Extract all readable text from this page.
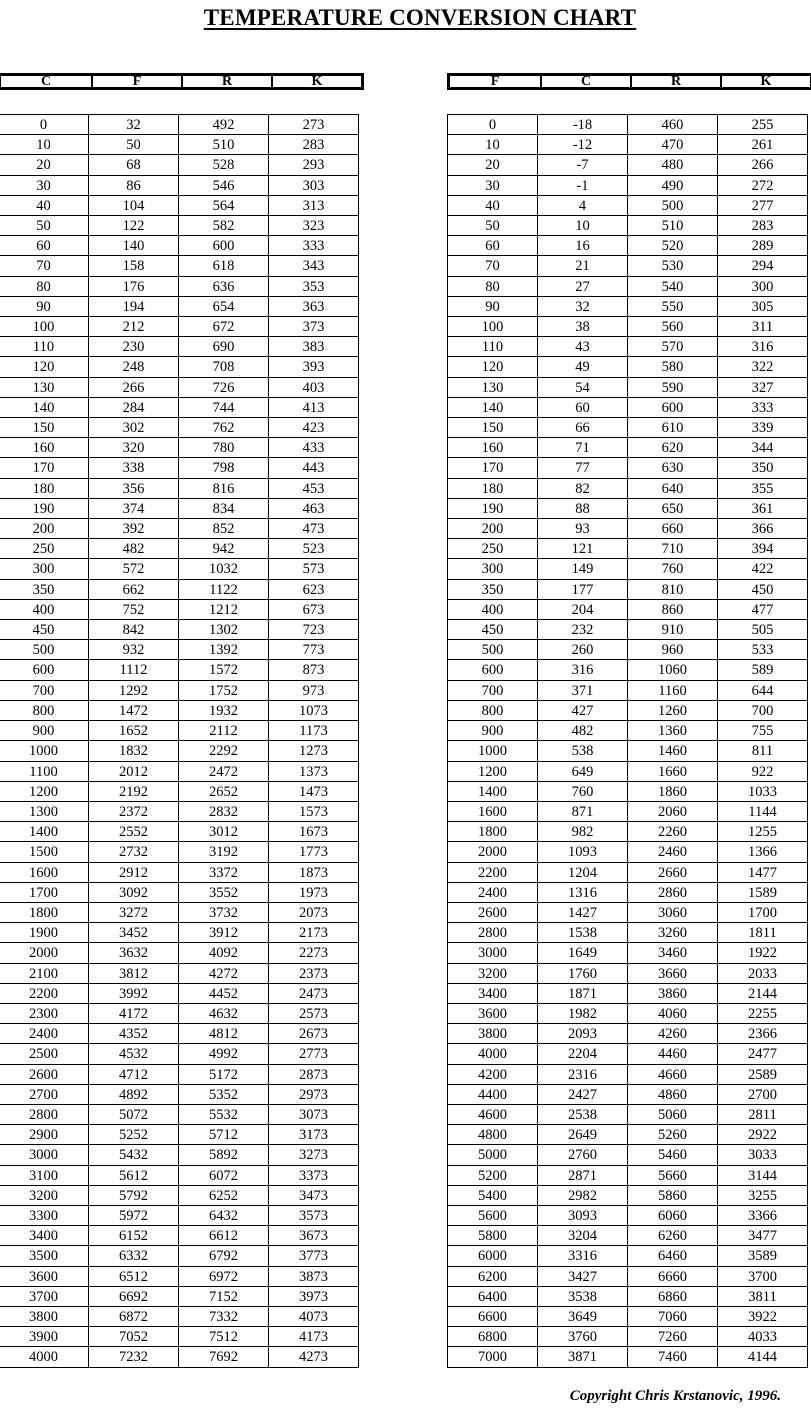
TEMPERATURE CONVERSION CHART
C	F	R	K
0	32	492	273
10	50	510	283
20	68	528	293
30	86	546	303
40	104	564	313
50	122	582	323
60	140	600	333
70	158	618	343
80	176	636	353
90	194	654	363
100	212	672	373
110	230	690	383
120	248	708	393
130	266	726	403
140	284	744	413
150	302	762	423
160	320	780	433
170	338	798	443
180	356	816	453
190	374	834	463
200	392	852	473
250	482	942	523
300	572	1032	573
350	662	1122	623
400	752	1212	673
450	842	1302	723
500	932	1392	773
600	1112	1572	873
700	1292	1752	973
800	1472	1932	1073
900	1652	2112	1173
1000	1832	2292	1273
1100	2012	2472	1373
1200	2192	2652	1473
1300	2372	2832	1573
1400	2552	3012	1673
1500	2732	3192	1773
1600	2912	3372	1873
1700	3092	3552	1973
1800	3272	3732	2073
1900	3452	3912	2173
2000	3632	4092	2273
2100	3812	4272	2373
2200	3992	4452	2473
2300	4172	4632	2573
2400	4352	4812	2673
2500	4532	4992	2773
2600	4712	5172	2873
2700	4892	5352	2973
2800	5072	5532	3073
2900	5252	5712	3173
3000	5432	5892	3273
3100	5612	6072	3373
3200	5792	6252	3473
3300	5972	6432	3573
3400	6152	6612	3673
3500	6332	6792	3773
3600	6512	6972	3873
3700	6692	7152	3973
3800	6872	7332	4073
3900	7052	7512	4173
4000	7232	7692	4273
F	C	R	K
0	-18	460	255
10	-12	470	261
20	-7	480	266
30	-1	490	272
40	4	500	277
50	10	510	283
60	16	520	289
70	21	530	294
80	27	540	300
90	32	550	305
100	38	560	311
110	43	570	316
120	49	580	322
130	54	590	327
140	60	600	333
150	66	610	339
160	71	620	344
170	77	630	350
180	82	640	355
190	88	650	361
200	93	660	366
250	121	710	394
300	149	760	422
350	177	810	450
400	204	860	477
450	232	910	505
500	260	960	533
600	316	1060	589
700	371	1160	644
800	427	1260	700
900	482	1360	755
1000	538	1460	811
1200	649	1660	922
1400	760	1860	1033
1600	871	2060	1144
1800	982	2260	1255
2000	1093	2460	1366
2200	1204	2660	1477
2400	1316	2860	1589
2600	1427	3060	1700
2800	1538	3260	1811
3000	1649	3460	1922
3200	1760	3660	2033
3400	1871	3860	2144
3600	1982	4060	2255
3800	2093	4260	2366
4000	2204	4460	2477
4200	2316	4660	2589
4400	2427	4860	2700
4600	2538	5060	2811
4800	2649	5260	2922
5000	2760	5460	3033
5200	2871	5660	3144
5400	2982	5860	3255
5600	3093	6060	3366
5800	3204	6260	3477
6000	3316	6460	3589
6200	3427	6660	3700
6400	3538	6860	3811
6600	3649	7060	3922
6800	3760	7260	4033
7000	3871	7460	4144
Copyright Chris Krstanovic, 1996.
